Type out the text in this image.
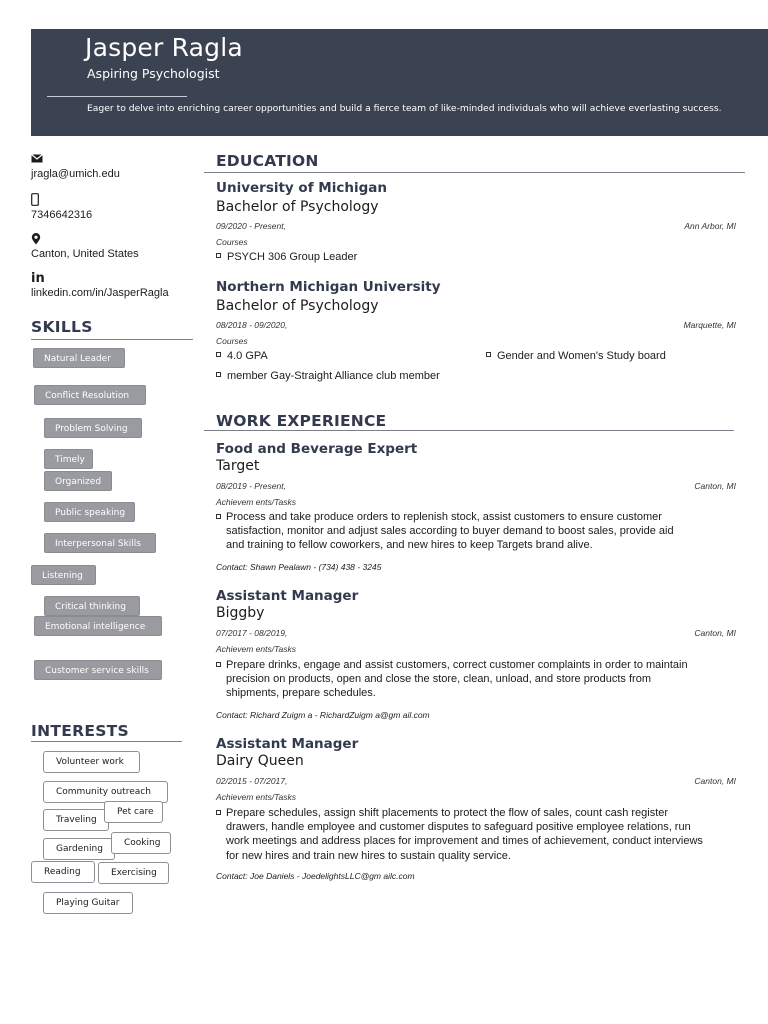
Jasper Ragla
Aspiring Psychologist
Eager to delve into enriching career opportunities and build a fierce team of like-minded individuals who will achieve everlasting success.
jragla@umich.edu
7346642316
Canton, United States
in
linkedin.com/in/JasperRagla
SKILLS
Natural Leader
Conflict Resolution
Problem Solving
Timely
Organized
Public speaking
Interpersonal Skills
Listening
Critical thinking
Emotional intelligence
Customer service skills
INTERESTS
Volunteer work
Community outreach
Traveling
Pet care
Gardening
Cooking
Reading	Exercising
Playing Guitar
EDUCATION
University of Michigan
Bachelor of Psychology
09/2020 - Present,	Ann Arbor, MI
Courses
PSYCH 306 Group Leader
Northern Michigan University
Bachelor of Psychology
08/2018 - 09/2020,	Marquette, MI
Courses
4.0 GPA	Gender and Women's Study board
member Gay-Straight Alliance club member
WORK EXPERIENCE
Food and Beverage Expert
Target
08/2019 - Present,	Canton, MI
Achievem ents/Tasks
Process and take produce orders to replenish stock, assist customers to ensure customer
satisfaction, monitor and adjust sales according to buyer demand to boost sales, provide aid
and training to fellow coworkers, and new hires to keep Targets brand alive.
Contact: Shawn Pealawn - (734) 438 - 3245
Assistant Manager
Biggby
07/2017 - 08/2019,	Canton, MI
Achievem ents/Tasks
Prepare drinks, engage and assist customers, correct customer complaints in order to maintain
precision on products, open and close the store, clean, unload, and store products from
shipments, prepare schedules.
Contact: Richard Zuigm a - RichardZuigm a@gm ail.com
Assistant Manager
Dairy Queen
02/2015 - 07/2017,	Canton, MI
Achievem ents/Tasks
Prepare schedules, assign shift placements to protect the flow of sales, count cash register
drawers, handle employee and customer disputes to safeguard positive employee relations, run
work meetings and address places for improvement and times of achievement, conduct interviews
for new hires and train new hires to sustain quality service.
Contact: Joe Daniels - JoedelightsLLC@gm ailc.com
